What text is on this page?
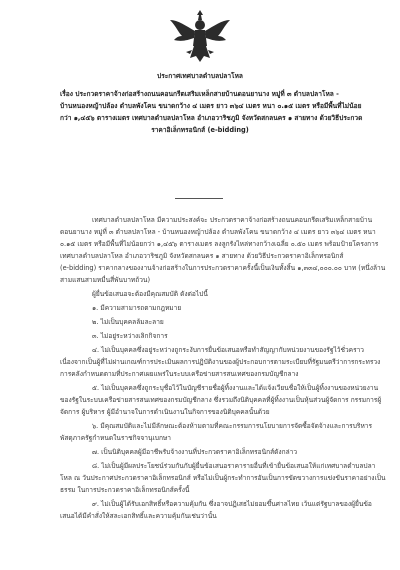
ประกาศเทศบาลตำบลปลาโหล
เรื่อง ประกวดราคาจ้างก่อสร้างถนนคอนกรีตเสริมเหล็กสายบ้านดอนยานาง หมู่ที่ ๓ ตำบลปลาโหล -
บ้านหนองหญ้าปล้อง ตำบลพังโคน ขนาดกว้าง ๔ เมตร ยาว ๓๖๔ เมตร หนา ๐.๑๕ เมตร หรือมีพื้นที่ไม่น้อย
กว่า ๑,๔๕๖ ตารางเมตร เทศบาลตำบลปลาโหล อำเภอวาริชภูมิ จังหวัดสกลนคร ๑ สายทาง ด้วยวิธีประกวด
ราคาอิเล็กทรอนิกส์ (e-bidding)
เทศบาลตำบลปลาโหล มีความประสงค์จะ ประกวดราคาจ้างก่อสร้างถนนคอนกรีตเสริมเหล็กสายบ้าน
ดอนยานาง หมู่ที่ ๓ ตำบลปลาโหล - บ้านหนองหญ้าปล้อง ตำบลพังโคน ขนาดกว้าง ๔ เมตร ยาว ๓๖๔ เมตร หนา
๐.๑๕ เมตร หรือมีพื้นที่ไม่น้อยกว่า ๑,๔๕๖ ตารางเมตร ลงลูกรังไหล่ทางกว้างเฉลี่ย ๐.๕๐ เมตร พร้อมป้ายโครงการ
เทศบาลตำบลปลาโหล อำเภอวาริชภูมิ จังหวัดสกลนคร ๑ สายทาง ด้วยวิธีประกวดราคาอิเล็กทรอนิกส์
(e-bidding) ราคากลางของงานจ้างก่อสร้างในการประกวดราคาครั้งนี้เป็นเงินทั้งสิ้น ๑,๓๓๔,๐๐๐.๐๐ บาท (หนึ่งล้าน
สามแสนสามหมื่นสี่พันบาทถ้วน)
ผู้ยื่นข้อเสนอจะต้องมีคุณสมบัติ ดังต่อไปนี้
๑. มีความสามารถตามกฎหมาย
๒. ไม่เป็นบุคคลล้มละลาย
๓. ไม่อยู่ระหว่างเลิกกิจการ
๔. ไม่เป็นบุคคลซึ่งอยู่ระหว่างถูกระงับการยื่นข้อเสนอหรือทำสัญญากับหน่วยงานของรัฐไว้ชั่วคราว
เนื่องจากเป็นผู้ที่ไม่ผ่านเกณฑ์การประเมินผลการปฏิบัติงานของผู้ประกอบการตามระเบียบที่รัฐมนตรีว่าการกระทรวง
การคลังกำหนดตามที่ประกาศเผยแพร่ในระบบเครือข่ายสารสนเทศของกรมบัญชีกลาง
๕. ไม่เป็นบุคคลซึ่งถูกระบุชื่อไว้ในบัญชีรายชื่อผู้ทิ้งงานและได้แจ้งเวียนชื่อให้เป็นผู้ทิ้งงานของหน่วยงาน
ของรัฐในระบบเครือข่ายสารสนเทศของกรมบัญชีกลาง ซึ่งรวมถึงนิติบุคคลที่ผู้ทิ้งงานเป็นหุ้นส่วนผู้จัดการ กรรมการผู้
จัดการ ผู้บริหาร ผู้มีอำนาจในการดำเนินงานในกิจการของนิติบุคคลนั้นด้วย
๖. มีคุณสมบัติและไม่มีลักษณะต้องห้ามตามที่คณะกรรมการนโยบายการจัดซื้อจัดจ้างและการบริหาร
พัสดุภาครัฐกำหนดในราชกิจจานุเบกษา
๗. เป็นนิติบุคคลผู้มีอาชีพรับจ้างงานที่ประกวดราคาอิเล็กทรอนิกส์ดังกล่าว
๘. ไม่เป็นผู้มีผลประโยชน์ร่วมกันกับผู้ยื่นข้อเสนอราคารายอื่นที่เข้ายื่นข้อเสนอให้แก่เทศบาลตำบลปลา
โหล ณ วันประกาศประกวดราคาอิเล็กทรอนิกส์ หรือไม่เป็นผู้กระทำการอันเป็นการขัดขวางการแข่งขันราคาอย่างเป็น
ธรรม ในการประกวดราคาอิเล็กทรอนิกส์ครั้งนี้
๙. ไม่เป็นผู้ได้รับเอกสิทธิ์หรือความคุ้มกัน ซึ่งอาจปฏิเสธไม่ยอมขึ้นศาลไทย เว้นแต่รัฐบาลของผู้ยื่นข้อ
เสนอได้มีคำสั่งให้สละเอกสิทธิ์และความคุ้มกันเช่นว่านั้น
